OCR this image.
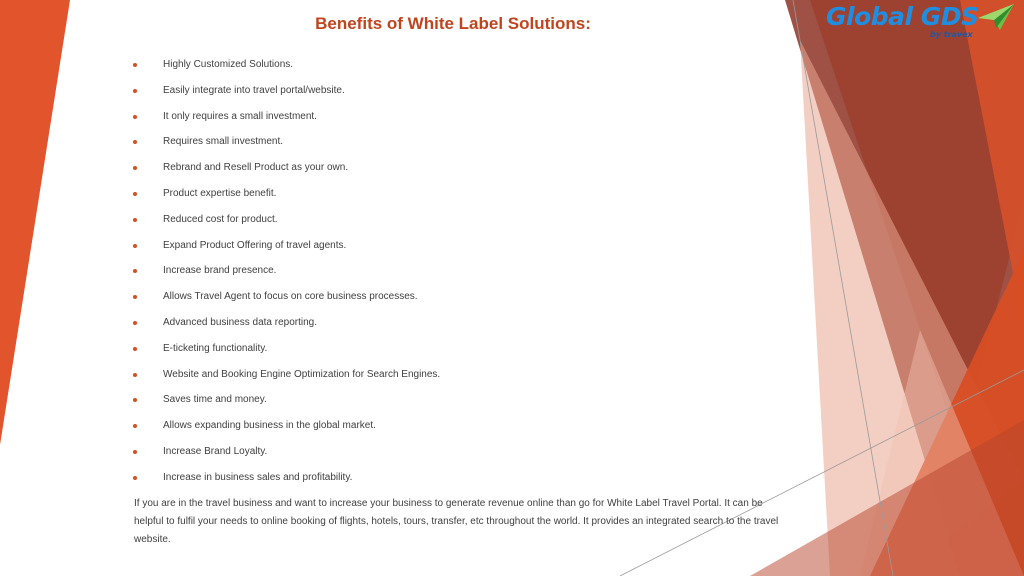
Global GDS
by travex
Benefits of White Label Solutions:
Highly Customized Solutions.
Easily integrate into travel portal/website.
It only requires a small investment.
Requires small investment.
Rebrand and Resell Product as your own.
Product expertise benefit.
Reduced cost for product.
Expand Product Offering of travel agents.
Increase brand presence.
Allows Travel Agent to focus on core business processes.
Advanced business data reporting.
E-ticketing functionality.
Website and Booking Engine Optimization for Search Engines.
Saves time and money.
Allows expanding business in the global market.
Increase Brand Loyalty.
Increase in business sales and profitability.
If you are in the travel business and want to increase your business to generate revenue online than go for White Label Travel Portal. It can be helpful to fulfil your needs to online booking of flights, hotels, tours, transfer, etc throughout the world. It provides an integrated search to the travel website.
